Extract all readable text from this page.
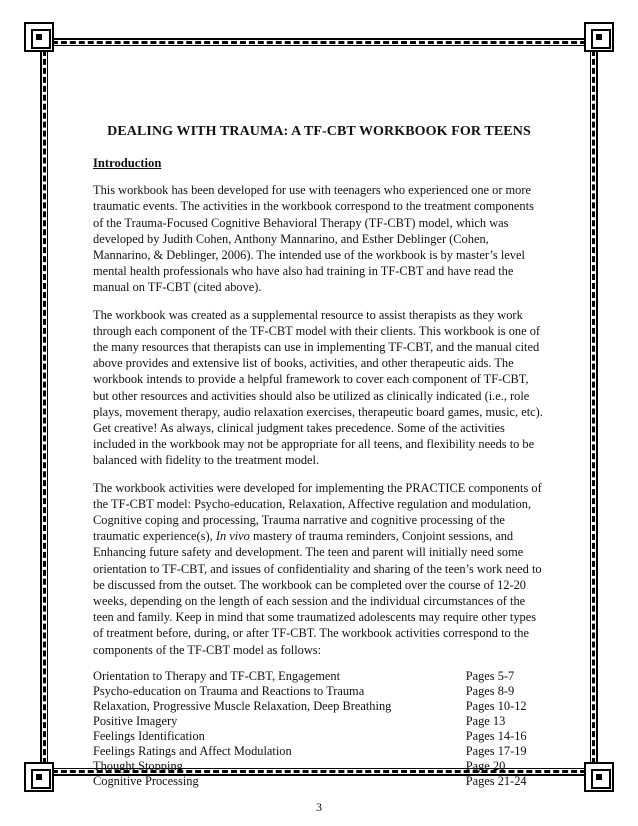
DEALING WITH TRAUMA: A TF-CBT WORKBOOK FOR TEENS
Introduction

This workbook has been developed for use with teenagers who experienced one or more traumatic events. The activities in the workbook correspond to the treatment components of the Trauma-Focused Cognitive Behavioral Therapy (TF-CBT) model, which was developed by Judith Cohen, Anthony Mannarino, and Esther Deblinger (Cohen, Mannarino, & Deblinger, 2006). The intended use of the workbook is by master’s level mental health professionals who have also had training in TF-CBT and have read the manual on TF-CBT (cited above).

The workbook was created as a supplemental resource to assist therapists as they work through each component of the TF-CBT model with their clients. This workbook is one of the many resources that therapists can use in implementing TF-CBT, and the manual cited above provides and extensive list of books, activities, and other therapeutic aids. The workbook intends to provide a helpful framework to cover each component of TF-CBT, but other resources and activities should also be utilized as clinically indicated (i.e., role plays, movement therapy, audio relaxation exercises, therapeutic board games, music, etc). Get creative! As always, clinical judgment takes precedence. Some of the activities included in the workbook may not be appropriate for all teens, and flexibility needs to be balanced with fidelity to the treatment model.

The workbook activities were developed for implementing the PRACTICE components of the TF-CBT model: Psycho-education, Relaxation, Affective regulation and modulation, Cognitive coping and processing, Trauma narrative and cognitive processing of the traumatic experience(s), In vivo mastery of trauma reminders, Conjoint sessions, and Enhancing future safety and development. The teen and parent will initially need some orientation to TF-CBT, and issues of confidentiality and sharing of the teen’s work need to be discussed from the outset. The workbook can be completed over the course of 12-20 weeks, depending on the length of each session and the individual circumstances of the teen and family. Keep in mind that some traumatized adolescents may require other types of treatment before, during, or after TF-CBT. The workbook activities correspond to the components of the TF-CBT model as follows:

Orientation to Therapy and TF-CBT, Engagement	Pages 5-7
Psycho-education on Trauma and Reactions to Trauma	Pages 8-9
Relaxation, Progressive Muscle Relaxation, Deep Breathing	Pages 10-12
Positive Imagery	Page 13
Feelings Identification	Pages 14-16
Feelings Ratings and Affect Modulation	Pages 17-19
Thought Stopping	Page 20
Cognitive Processing	Pages 21-24
3
